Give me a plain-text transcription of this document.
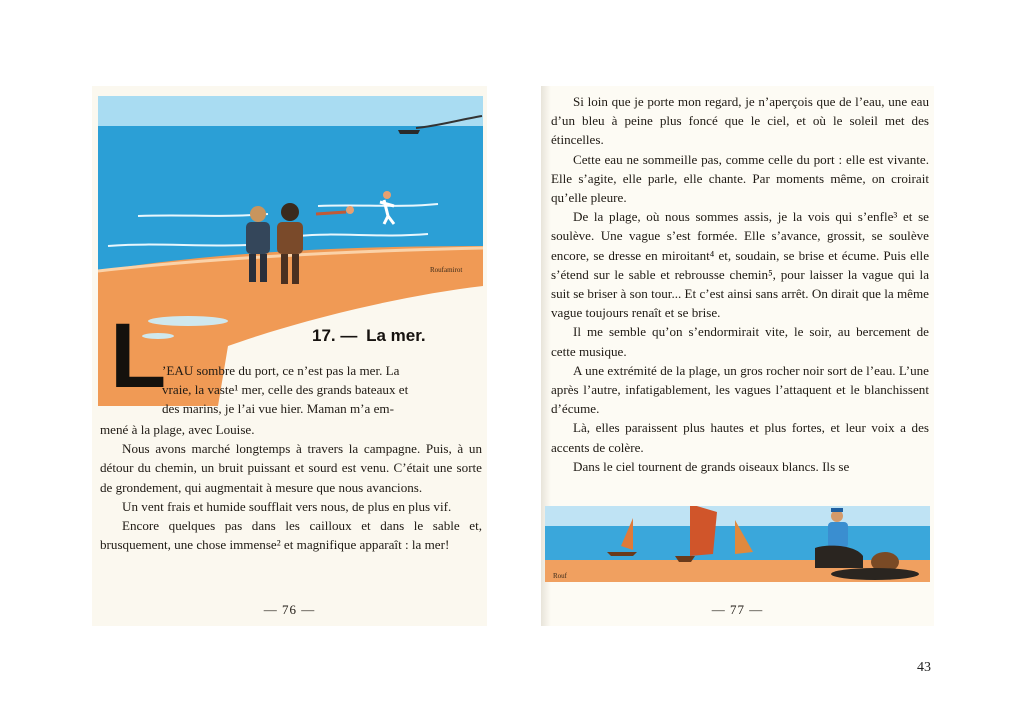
Roufamirot
L	17. — La mer.

’EAU sombre du port, ce n’est pas la mer. La

vraie, la vaste¹ mer, celle des grands bateaux et

des marins, je l’ai vue hier. Maman m’a em-

mené à la plage, avec Louise.

Nous avons marché longtemps à travers la campagne. Puis, à un détour du chemin, un bruit puissant et sourd est venu. C’était une sorte de grondement, qui augmentait à mesure que nous avancions.

Un vent frais et humide soufflait vers nous, de plus en plus vif.

Encore quelques pas dans les cailloux et dans le sable et, brusquement, une chose immense² et magnifique apparaît : la mer!

— 76 —

Si loin que je porte mon regard, je n’aperçois que de l’eau, une eau d’un bleu à peine plus foncé que le ciel, et où le soleil met des étincelles.

Cette eau ne sommeille pas, comme celle du port : elle est vivante. Elle s’agite, elle parle, elle chante. Par moments même, on croirait qu’elle pleure.

De la plage, où nous sommes assis, je la vois qui s’enfle³ et se soulève. Une vague s’est formée. Elle s’avance, grossit, se soulève encore, se dresse en miroitant⁴ et, soudain, se brise et écume. Puis elle s’étend sur le sable et rebrousse chemin⁵, pour laisser la vague qui la suit se briser à son tour... Et c’est ainsi sans arrêt. On dirait que la même vague toujours renaît et se brise.

Il me semble qu’on s’endormirait vite, le soir, au bercement de cette musique.

A une extrémité de la plage, un gros rocher noir sort de l’eau. L’une après l’autre, infatigablement, les vagues l’attaquent et le blanchissent d’écume.

Là, elles paraissent plus hautes et plus fortes, et leur voix a des accents de colère.

Dans le ciel tournent de grands oiseaux blancs. Ils se

Rouf
— 77 —
43
